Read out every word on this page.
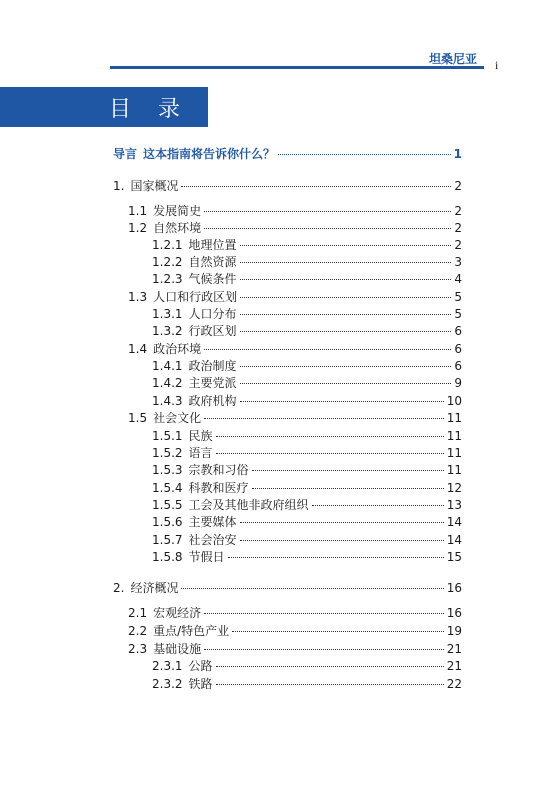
坦桑尼亚 i
目 录
导言 这本指南将告诉你什么？	1
1. 国家概况	2
1.1 发展简史	2
1.2 自然环境	2
1.2.1 地理位置	2
1.2.2 自然资源	3
1.2.3 气候条件	4
1.3 人口和行政区划	5
1.3.1 人口分布	5
1.3.2 行政区划	6
1.4 政治环境	6
1.4.1 政治制度	6
1.4.2 主要党派	9
1.4.3 政府机构	10
1.5 社会文化	11
1.5.1 民族	11
1.5.2 语言	11
1.5.3 宗教和习俗	11
1.5.4 科教和医疗	12
1.5.5 工会及其他非政府组织	13
1.5.6 主要媒体	14
1.5.7 社会治安	14
1.5.8 节假日	15
2. 经济概况	16
2.1 宏观经济	16
2.2 重点/特色产业	19
2.3 基础设施	21
2.3.1 公路	21
2.3.2 铁路	22
